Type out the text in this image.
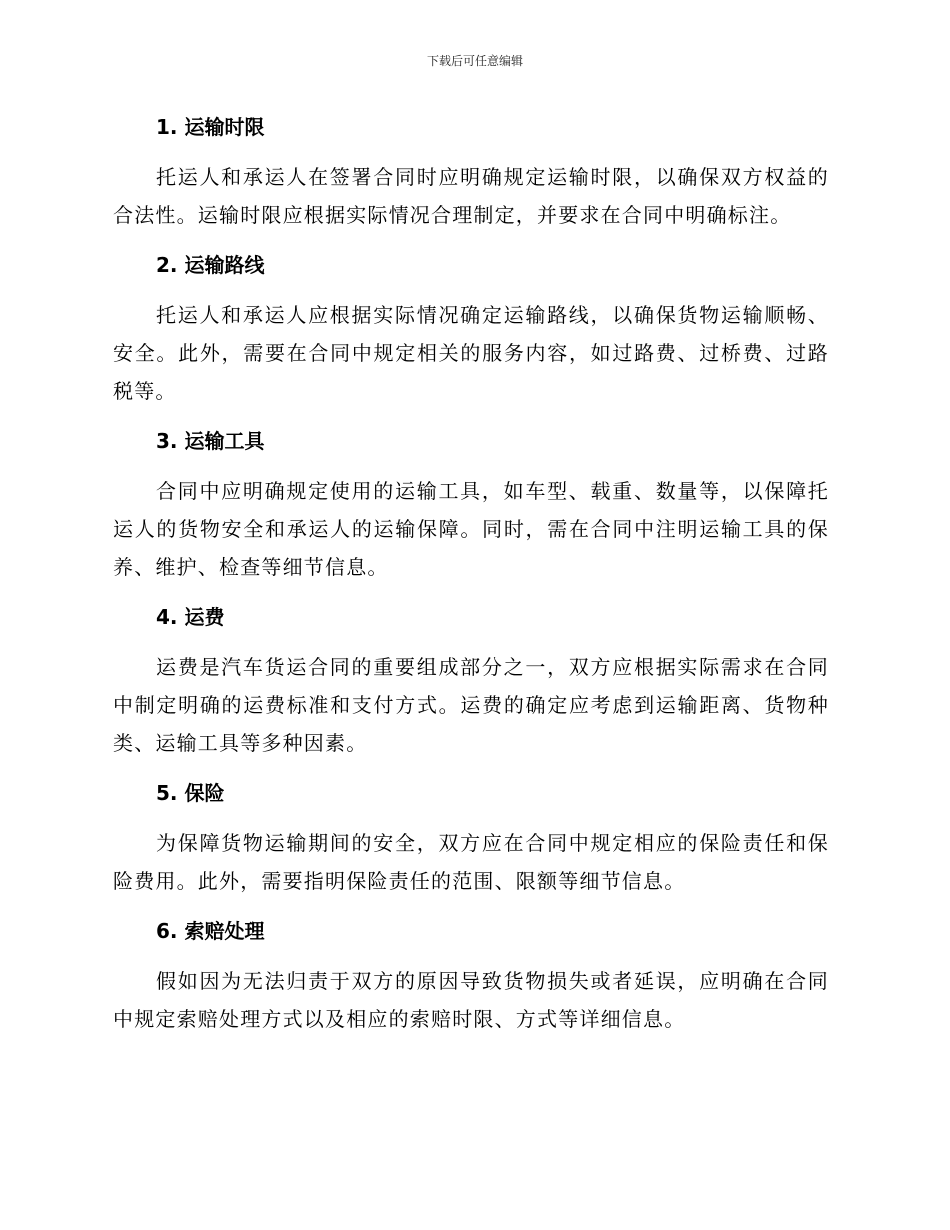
下载后可任意编辑
1. 运输时限

托运人和承运人在签署合同时应明确规定运输时限，以确保双方权益的合法性。运输时限应根据实际情况合理制定，并要求在合同中明确标注。

2. 运输路线

托运人和承运人应根据实际情况确定运输路线，以确保货物运输顺畅、安全。此外，需要在合同中规定相关的服务内容，如过路费、过桥费、过路税等。

3. 运输工具

合同中应明确规定使用的运输工具，如车型、载重、数量等，以保障托运人的货物安全和承运人的运输保障。同时，需在合同中注明运输工具的保养、维护、检查等细节信息。

4. 运费

运费是汽车货运合同的重要组成部分之一，双方应根据实际需求在合同中制定明确的运费标准和支付方式。运费的确定应考虑到运输距离、货物种类、运输工具等多种因素。

5. 保险

为保障货物运输期间的安全，双方应在合同中规定相应的保险责任和保险费用。此外，需要指明保险责任的范围、限额等细节信息。

6. 索赔处理

假如因为无法归责于双方的原因导致货物损失或者延误，应明确在合同中规定索赔处理方式以及相应的索赔时限、方式等详细信息。
